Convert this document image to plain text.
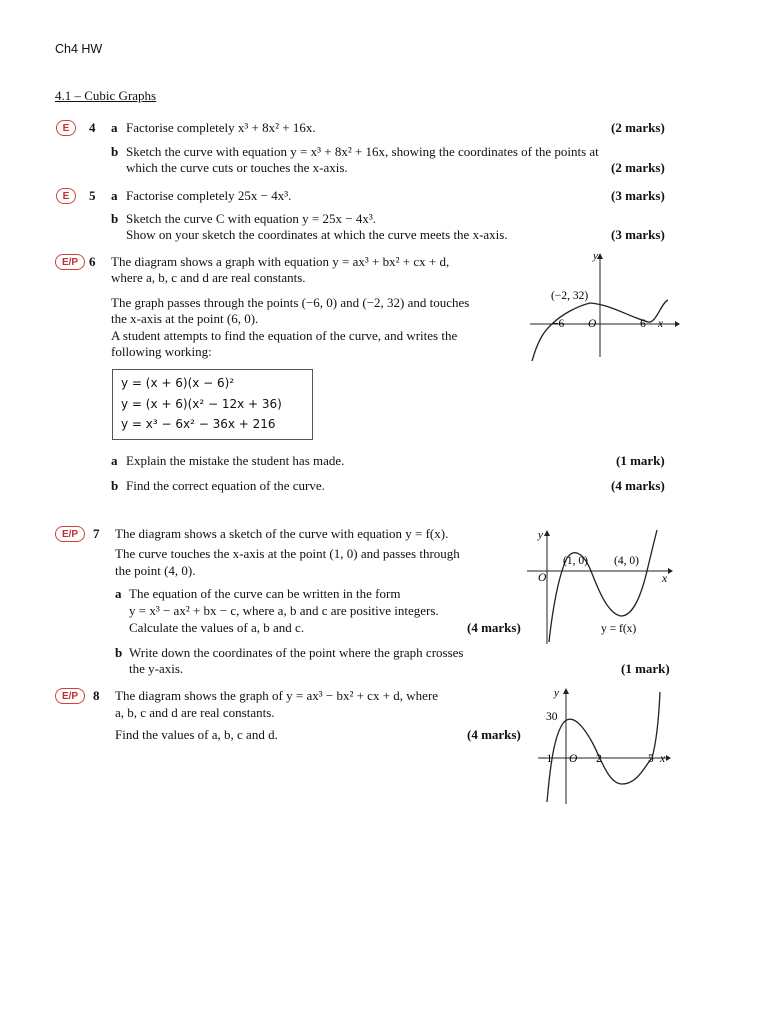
Ch4 HW
4.1 – Cubic Graphs
E	4 a Factorise completely x³ + 8x² + 16x.	(2 marks)
b Sketch the curve with equation y = x³ + 8x² + 16x, showing the coordinates of the points at
which the curve cuts or touches the x-axis.	(2 marks)
E	5 a Factorise completely 25x − 4x³.	(3 marks)
b Sketch the curve C with equation y = 25x − 4x³.
Show on your sketch the coordinates at which the curve meets the x-axis.	(3 marks)
E/P 6 The diagram shows a graph with equation y = ax³ + bx² + cx + d,
where a, b, c and d are real constants.
The graph passes through the points (−6, 0) and (−2, 32) and touches
the x-axis at the point (6, 0).
A student attempts to find the equation of the curve, and writes the
following working:
y = (x + 6)(x − 6)²
y = (x + 6)(x² − 12x + 36)
y = x³ − 6x² − 36x + 216
a Explain the mistake the student has made.	(1 mark)
b Find the correct equation of the curve.	(4 marks)
y
(−2, 32)
−6 O	6 x
E/P	7 The diagram shows a sketch of the curve with equation y = f(x).
The curve touches the x-axis at the point (1, 0) and passes through
the point (4, 0).
a The equation of the curve can be written in the form
y = x³ − ax² + bx − c, where a, b and c are positive integers.
Calculate the values of a, b and c.	(4 marks)
b Write down the coordinates of the point where the graph crosses
the y-axis.	(1 mark)
y
(1, 0) (4, 0)
O	x
y = f(x)
E/P	8 The diagram shows the graph of y = ax³ − bx² + cx + d, where
a, b, c and d are real constants.
Find the values of a, b, c and d.	(4 marks)
y
30
−1 O 2	5 x
